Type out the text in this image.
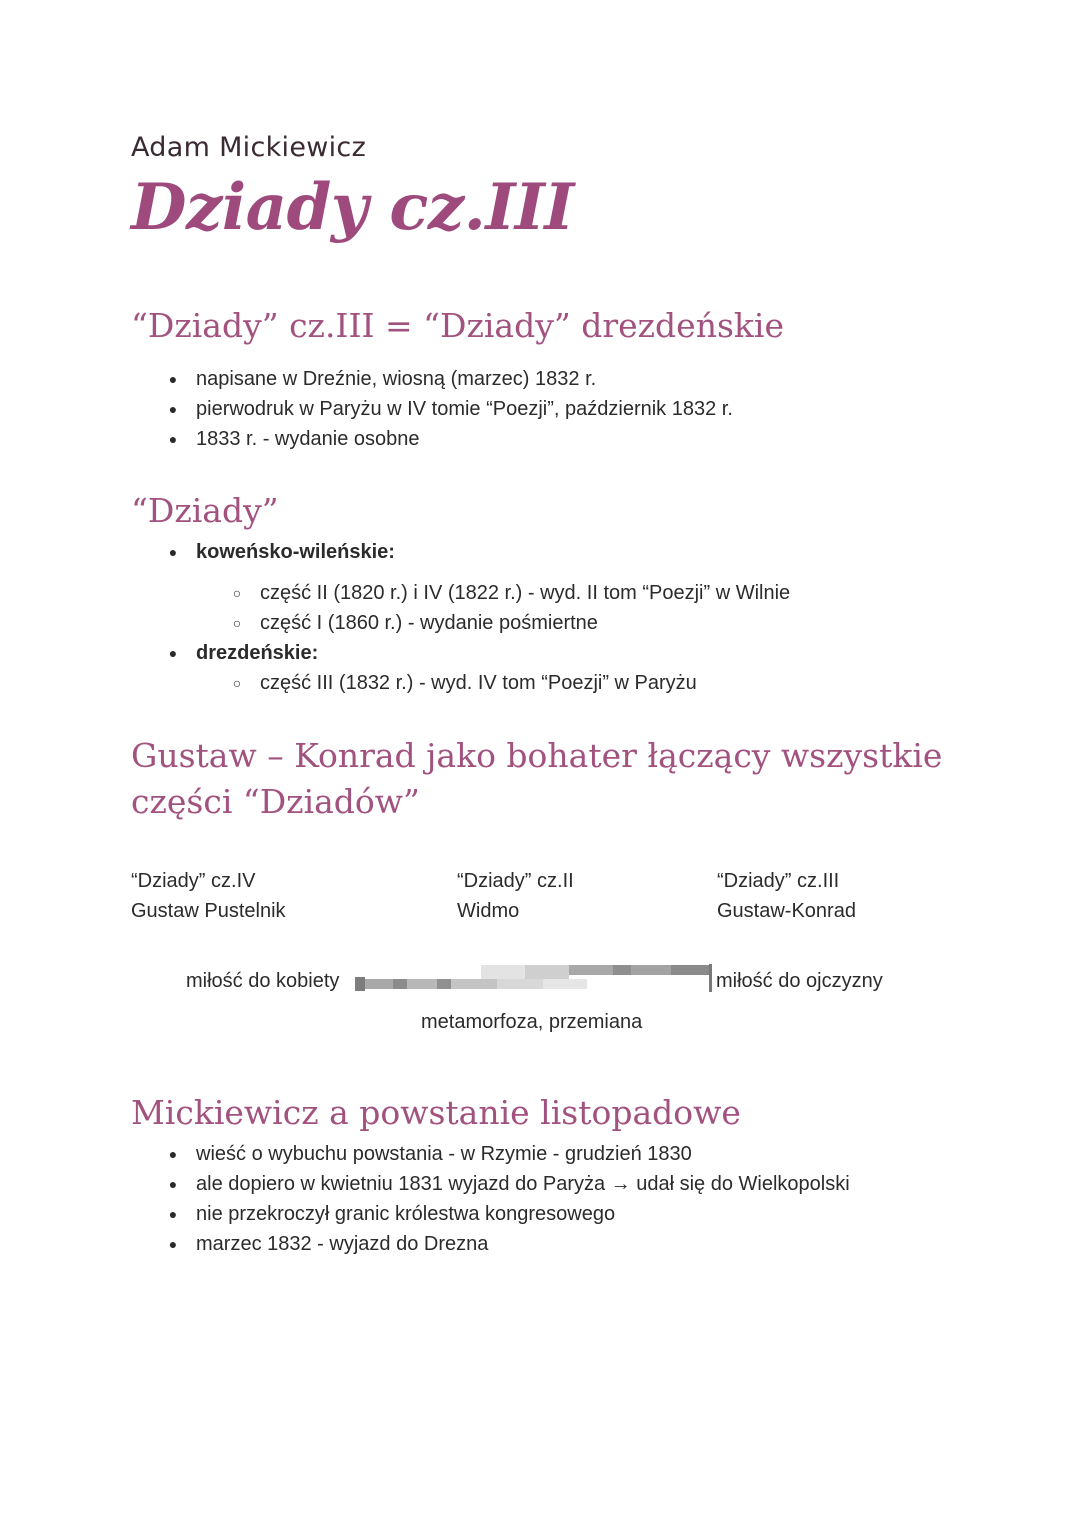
Adam Mickiewicz
Dziady cz.III
“Dziady” cz.III = “Dziady” drezdeńskie
● napisane w Dreźnie, wiosną (marzec) 1832 r.
● pierwodruk w Paryżu w IV tomie “Poezji”, październik 1832 r.
● 1833 r. - wydanie osobne
“Dziady”
● koweńsko-wileńskie:
○ część II (1820 r.) i IV (1822 r.) - wyd. II tom “Poezji” w Wilnie
○ część I (1860 r.) - wydanie pośmiertne
● drezdeńskie:
○ część III (1832 r.) - wyd. IV tom “Poezji” w Paryżu
Gustaw – Konrad jako bohater łączący wszystkie
części “Dziadów”
“Dziady” cz.IV
Gustaw Pustelnik
“Dziady” cz.II
Widmo
“Dziady” cz.III
Gustaw-Konrad
miłość do kobiety	miłość do ojczyzny
metamorfoza, przemiana
Mickiewicz a powstanie listopadowe
● wieść o wybuchu powstania - w Rzymie - grudzień 1830
● ale dopiero w kwietniu 1831 wyjazd do Paryża → udał się do Wielkopolski
● nie przekroczył granic królestwa kongresowego
● marzec 1832 - wyjazd do Drezna
